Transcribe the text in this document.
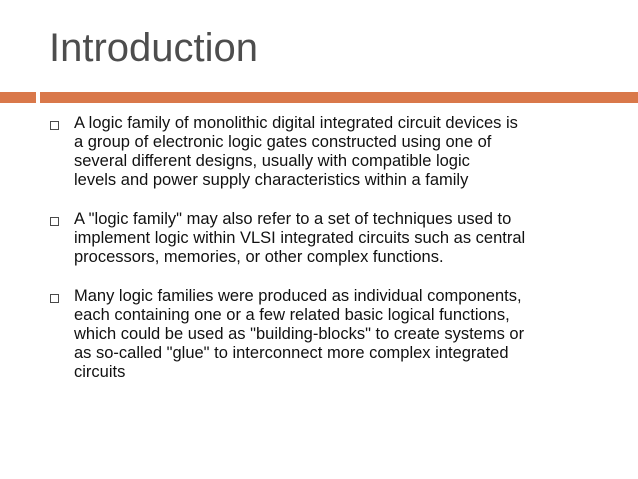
Introduction
A logic family of monolithic digital integrated circuit devices is
a group of electronic logic gates constructed using one of
several different designs, usually with compatible logic
levels and power supply characteristics within a family
A "logic family" may also refer to a set of techniques used to
implement logic within VLSI integrated circuits such as central
processors, memories, or other complex functions.
Many logic families were produced as individual components,
each containing one or a few related basic logical functions,
which could be used as "building-blocks" to create systems or
as so-called "glue" to interconnect more complex integrated
circuits
